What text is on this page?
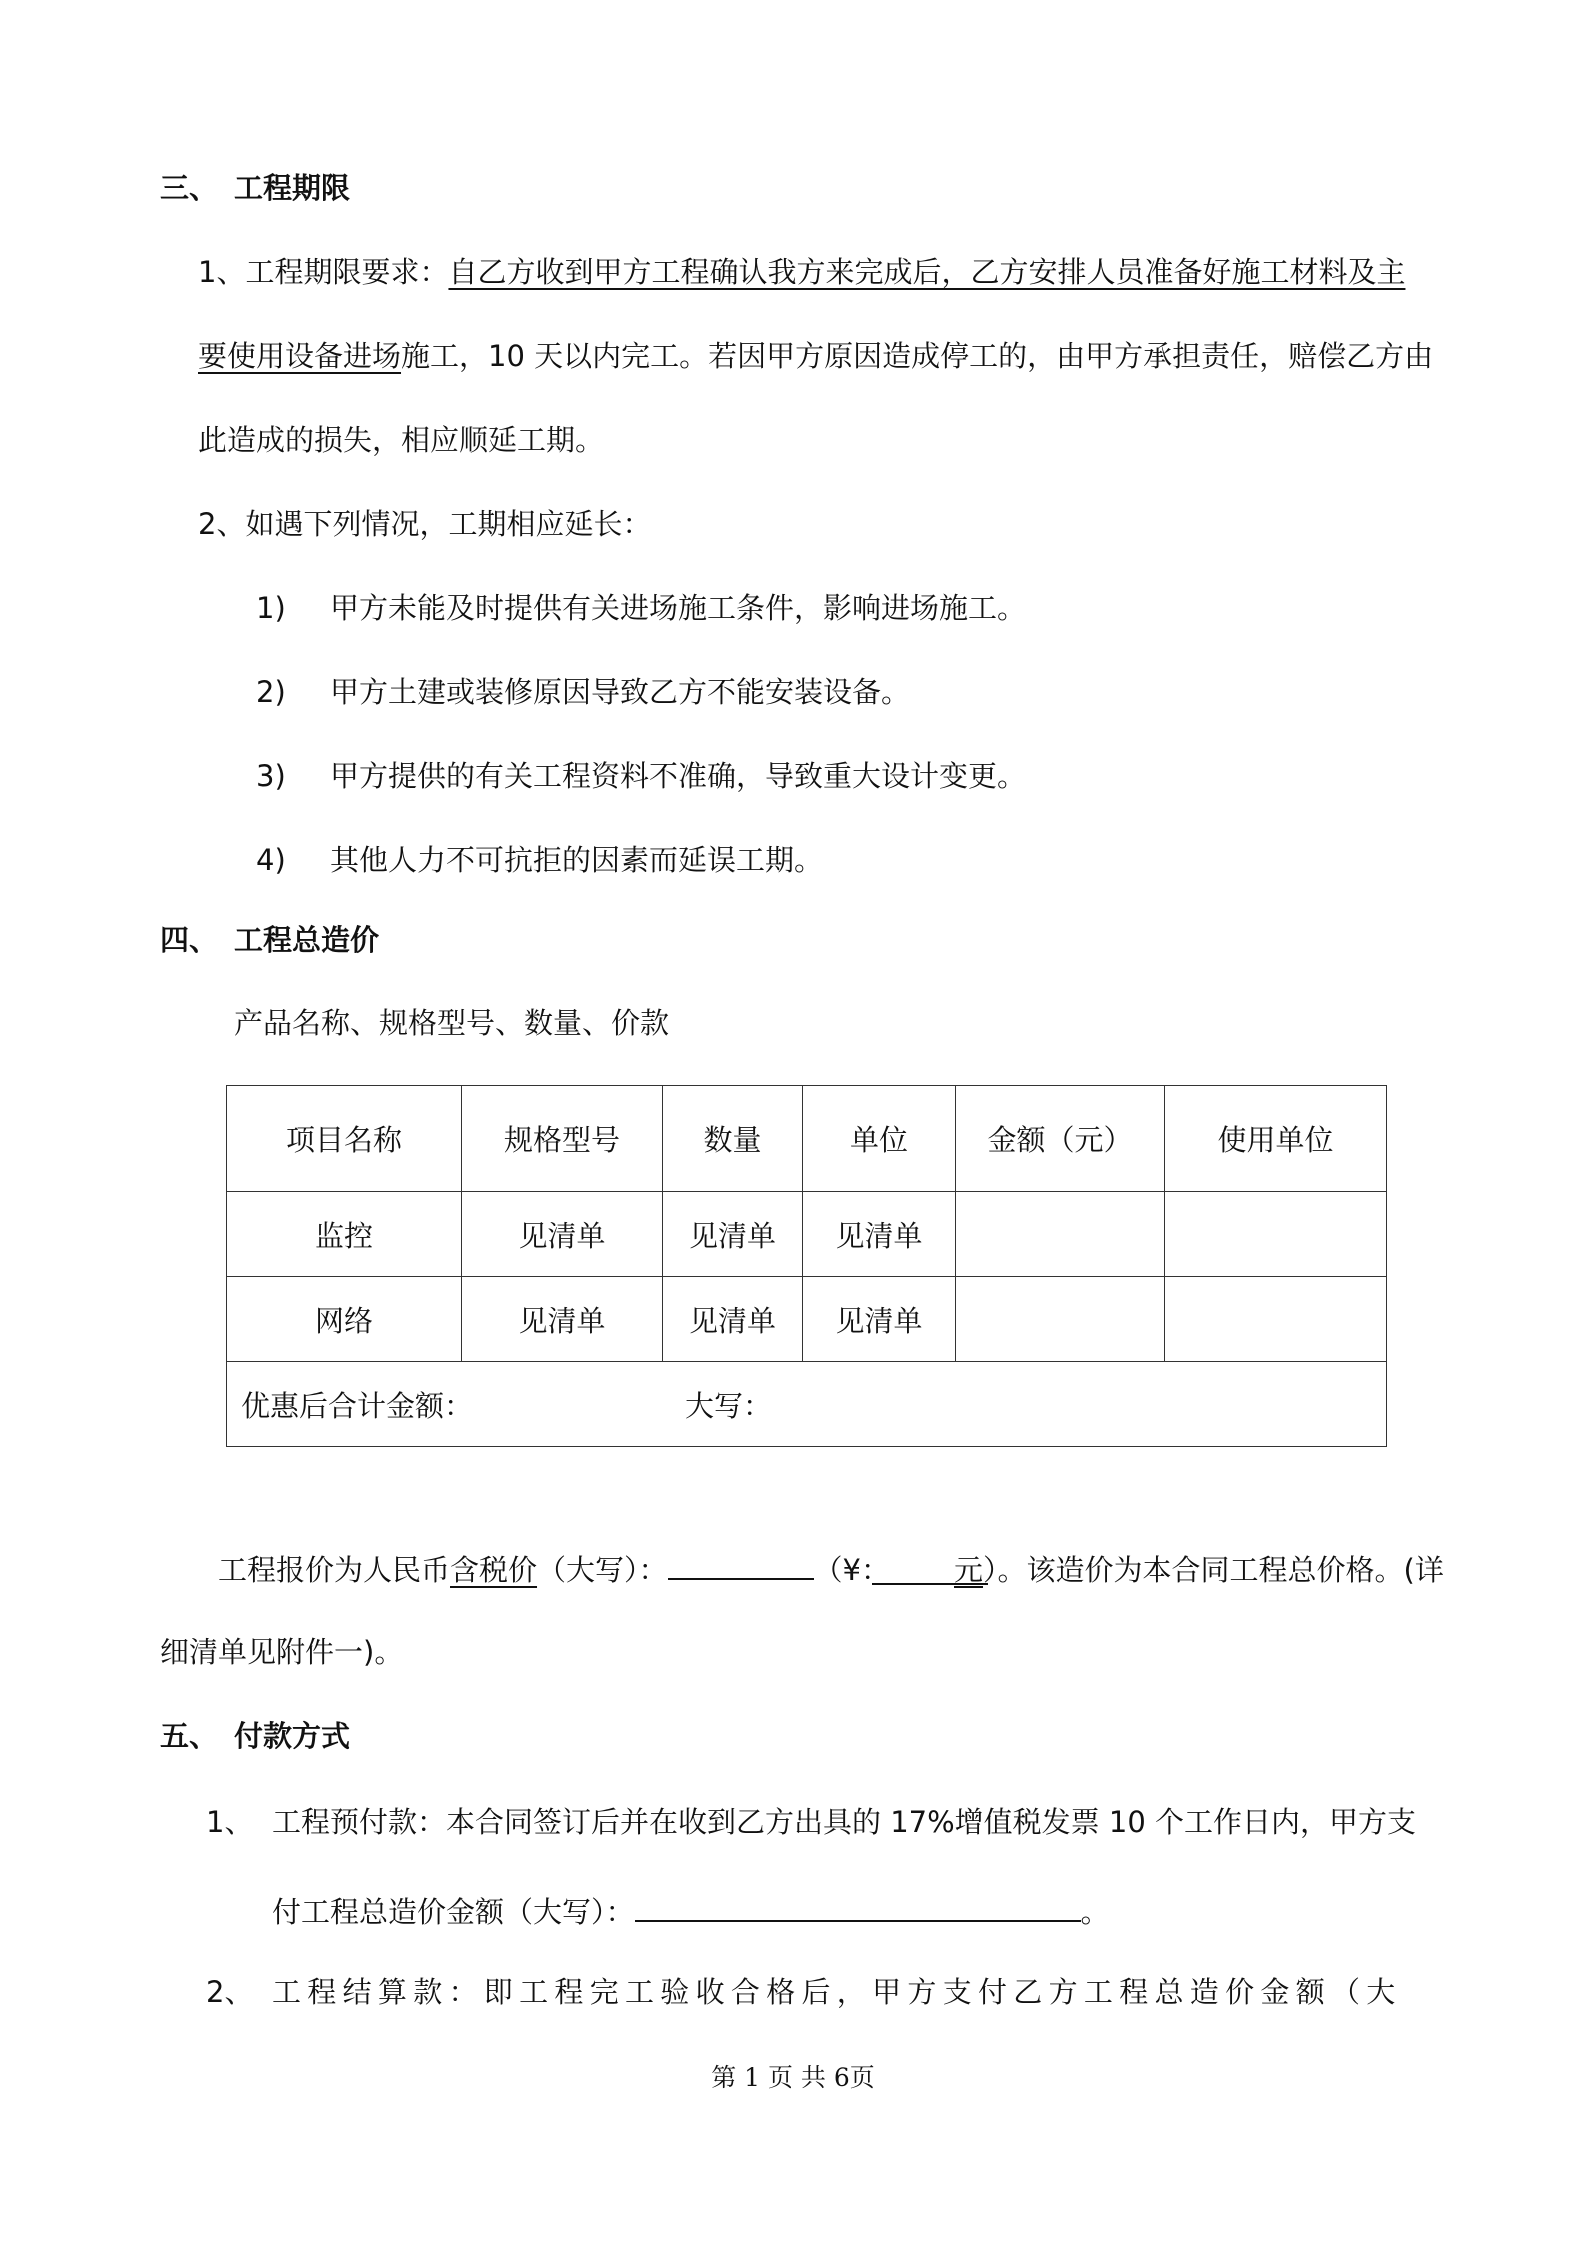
三、 工程期限
1、工程期限要求：自乙方收到甲方工程确认我方来完成后，乙方安排人员准备好施工材料及主
要使用设备进场施工，10 天以内完工。若因甲方原因造成停工的，由甲方承担责任，赔偿乙方由
此造成的损失，相应顺延工期。
2、如遇下列情况，工期相应延长：
1) 甲方未能及时提供有关进场施工条件，影响进场施工。
2) 甲方土建或装修原因导致乙方不能安装设备。
3) 甲方提供的有关工程资料不准确，导致重大设计变更。
4) 其他人力不可抗拒的因素而延误工期。
四、 工程总造价
产品名称、规格型号、数量、价款
项目名称	规格型号	数量	单位	金额（元）	使用单位
监控	见清单	见清单	见清单		
网络	见清单	见清单	见清单		
优惠后合计金额： 大写：					
工程报价为人民币含税价（大写）：	（¥： 元）。该造价为本合同工程总价格。(详
细清单见附件一)。
五、 付款方式
1、 工程预付款：本合同签订后并在收到乙方出具的 17%增值税发票 10 个工作日内，甲方支
付工程总造价金额（大写）：	。
2、 工程结算款：即工程完工验收合格后，甲方支付乙方工程总造价金额（大
第 1 页 共 6页
